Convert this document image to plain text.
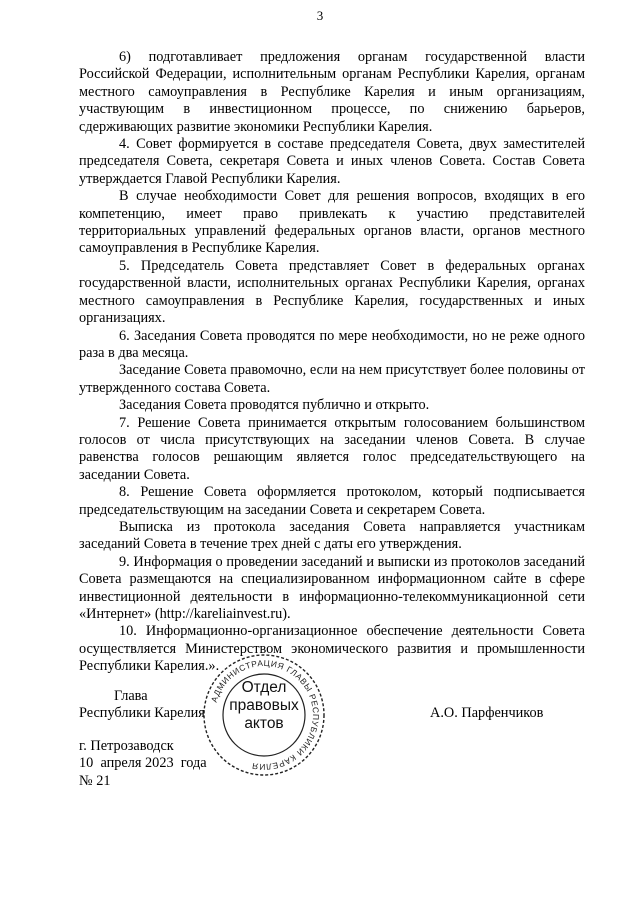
3

6) подготавливает предложения органам государственной власти Российской Федерации, исполнительным органам Республики Карелия, органам местного самоуправления в Республике Карелия и иным организациям, участвующим в инвестиционном процессе, по снижению барьеров, сдерживающих развитие экономики Республики Карелия.

4. Совет формируется в составе председателя Совета, двух заместителей председателя Совета, секретаря Совета и иных членов Совета. Состав Совета утверждается Главой Республики Карелия.

В случае необходимости Совет для решения вопросов, входящих в его компетенцию, имеет право привлекать к участию представителей территориальных управлений федеральных органов власти, органов местного самоуправления в Республике Карелия.

5. Председатель Совета представляет Совет в федеральных органах государственной власти, исполнительных органах Республики Карелия, органах местного самоуправления в Республике Карелия, государственных и иных организациях.

6. Заседания Совета проводятся по мере необходимости, но не реже одного раза в два месяца.

Заседание Совета правомочно, если на нем присутствует более половины от утвержденного состава Совета.

Заседания Совета проводятся публично и открыто.

7. Решение Совета принимается открытым голосованием большинством голосов от числа присутствующих на заседании членов Совета. В случае равенства голосов решающим является голос председательствующего на заседании Совета.

8. Решение Совета оформляется протоколом, который подписывается председательствующим на заседании Совета и секретарем Совета.

Выписка из протокола заседания Совета направляется участникам заседаний Совета в течение трех дней с даты его утверждения.

9. Информация о проведении заседаний и выписки из протоколов заседаний Совета размещаются на специализированном информационном сайте в сфере инвестиционной деятельности в информационно-телекоммуникационной сети «Интернет» (http://kareliainvest.ru).

10. Информационно-организационное обеспечение деятельности Совета осуществляется Министерством экономического развития и промышленности Республики Карелия.».

Глава
Республики Карелия	А.О. Парфенчиков
АДМИНИСТРАЦИЯ ГЛАВЫ РЕСПУБЛИКИ КАРЕЛИЯ
Отдел
правовых
актов
г. Петрозаводск
10  апреля 2023  года
№ 21
